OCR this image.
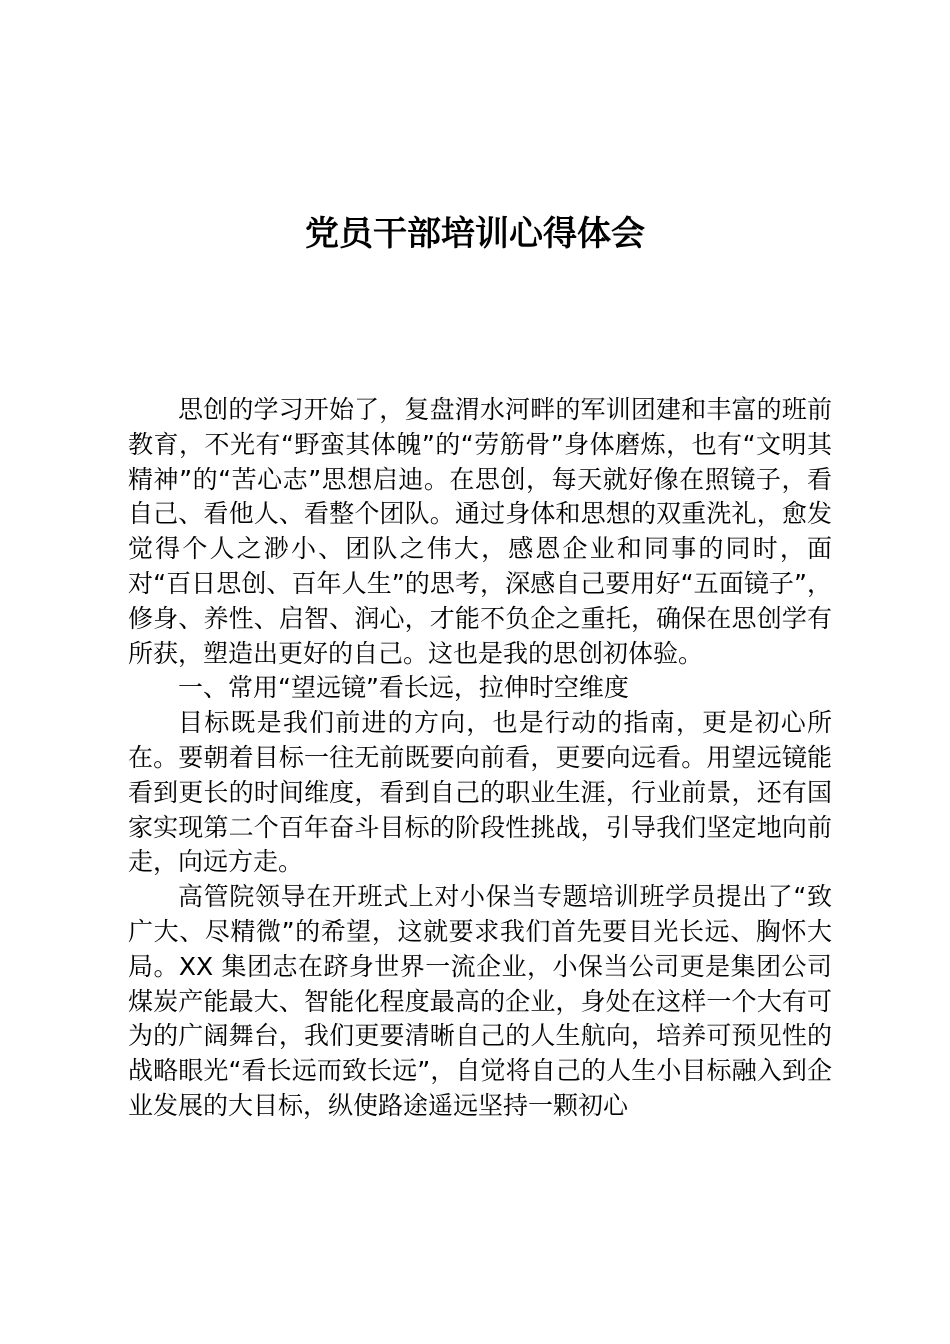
党员干部培训心得体会

思创的学习开始了，复盘渭水河畔的军训团建和丰富的班前教育，不光有“野蛮其体魄”的“劳筋骨”身体磨炼，也有“文明其精神”的“苦心志”思想启迪。在思创，每天就好像在照镜子，看自己、看他人、看整个团队。通过身体和思想的双重洗礼，愈发觉得个人之渺小、团队之伟大，感恩企业和同事的同时，面对“百日思创、百年人生”的思考，深感自己要用好“五面镜子”，修身、养性、启智、润心，才能不负企之重托，确保在思创学有所获，塑造出更好的自己。这也是我的思创初体验。

一、常用“望远镜”看长远，拉伸时空维度

目标既是我们前进的方向，也是行动的指南，更是初心所在。要朝着目标一往无前既要向前看，更要向远看。用望远镜能看到更长的时间维度，看到自己的职业生涯，行业前景，还有国家实现第二个百年奋斗目标的阶段性挑战，引导我们坚定地向前走，向远方走。

高管院领导在开班式上对小保当专题培训班学员提出了“致广大、尽精微”的希望，这就要求我们首先要目光长远、胸怀大局。XX 集团志在跻身世界一流企业，小保当公司更是集团公司煤炭产能最大、智能化程度最高的企业，身处在这样一个大有可为的广阔舞台，我们更要清晰自己的人生航向，培养可预见性的战略眼光“看长远而致长远”，自觉将自己的人生小目标融入到企业发展的大目标，纵使路途遥远坚持一颗初心
